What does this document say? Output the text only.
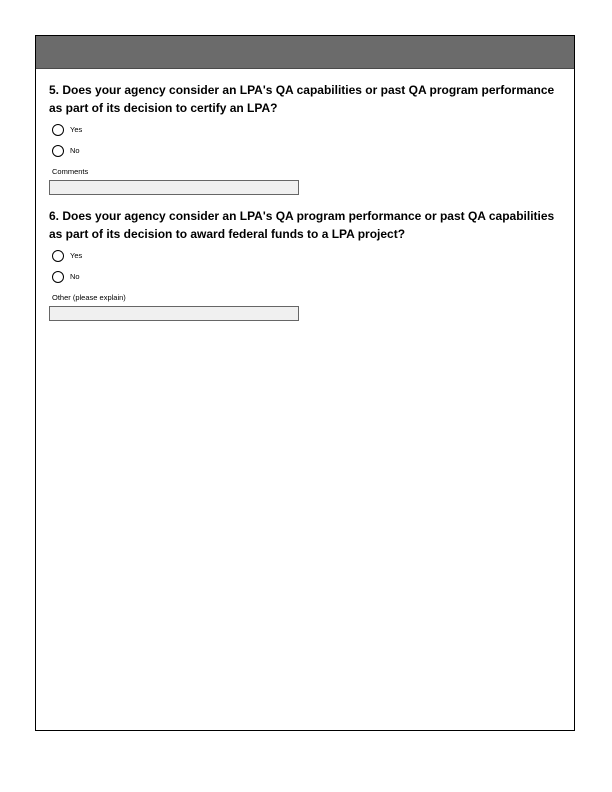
5. Does your agency consider an LPA's QA capabilities or past QA program performance as part of its decision to certify an LPA?

Yes
No
Comments

6. Does your agency consider an LPA's QA program performance or past QA capabilities as part of its decision to award federal funds to a LPA project?

Yes
No
Other (please explain)
